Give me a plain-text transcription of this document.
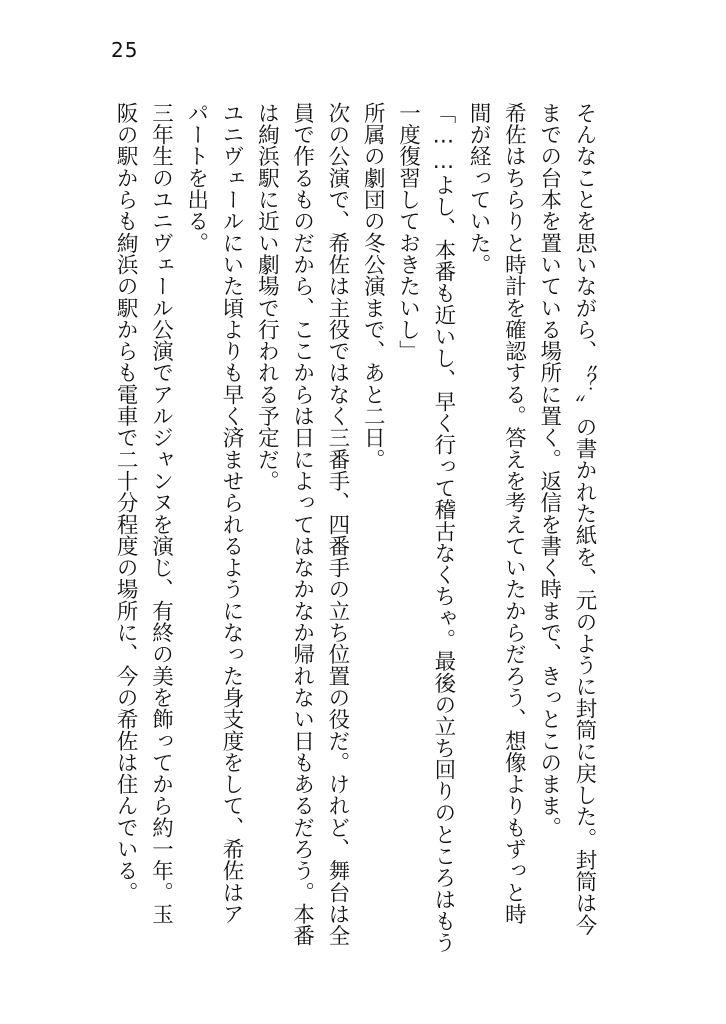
25

そんなことを思いながら、〝？〟の書かれた紙を、元のように封筒に戻した。封筒は今

までの台本を置いている場所に置く。返信を書く時まで、きっとこのまま。

希佐はちらりと時計を確認する。答えを考えていたからだろう、想像よりもずっと時

間が経っていた。

「……よし、本番も近いし、早く行って稽古なくちゃ。最後の立ち回りのところはもう

一度復習しておきたいし」

所属の劇団の冬公演まで、あと二日。

次の公演で、希佐は主役ではなく三番手、四番手の立ち位置の役だ。けれど、舞台は全

員で作るものだから、ここからは日によってはなかなか帰れない日もあるだろう。本番

は絢浜駅に近い劇場で行われる予定だ。

ユニヴェールにいた頃よりも早く済ませられるようになった身支度をして、希佐はア

パートを出る。

三年生のユニヴェール公演でアルジャンヌを演じ、有終の美を飾ってから約一年。玉

阪の駅からも絢浜の駅からも電車で二十分程度の場所に、今の希佐は住んでいる。
